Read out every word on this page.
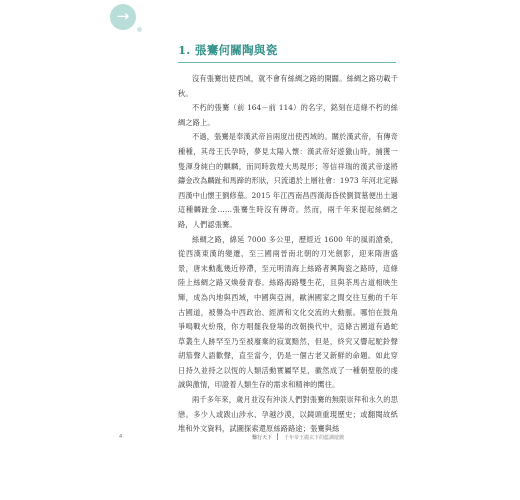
→
1. 張騫何關陶與瓷

沒有張騫出使西域，就不會有絲綢之路的開闢。絲綢之路功載千秋。

不朽的張騫（前 164－前 114）的名字，銘刻在這條不朽的絲綢之路上。

不過，張騫是奉漢武帝旨兩度出使西域的。關於漢武帝，有傳奇種種，其母王氏孕時，夢見太陽入懷：漢武帝好遊獵山時，捕獲一隻渾身純白的麒麟，而同時敦煌大馬現形；等信祥瑞的漢武帝遂將鑄金改為麟趾和馬蹄的形狀，只流通於上層社會：1973 年河北定縣西漢中山懷王劉修墓。2015 年江西南昌西漢海昏侯劉賀墓便出土過這種麟趾金……張騫生時沒有傳奇。然而，兩千年來提起絲綢之路，人們認張騫。

絲綢之路，綿延 7000 多公里，歷經近 1600 年的風雨滄桑，從西漢東漢的變遷，至三國兩晉南北朝的刀光劍影，迎來隋唐盛景，唐末動亂幾近停滯，至元明清海上絲路者興陶瓷之路時，這條陸上絲綢之路又煥發青春。絲路海路雙生花，且與茶馬古道相映生輝，成為內地與西域，中國與亞洲，歐洲國家之間交往互動的千年古國道，被譽為中西政治、經濟和文化交流的大動脈。哪怕在鼓角爭鳴戰火紛飛，你方唱罷我登場的改朝換代中，這條古國道有過蛇草叢生人跡罕至乃至被廢棄的寂寞黯然，但是，終究又響起駝鈴聲胡笳聲人語歡聲，直至當今，仍是一個古老又新鮮的命題。如此穿日持久並持之以恆的人類活動實屬罕見，徽然成了一種朝聖般的虔誠與激情，印證着人類生存的需求和精神的嚮往。

兩千多年來，歲月並沒有沖淡人們對張騫的無限崇拜和永久的思戀。多少人或跋山涉水、孕越沙漠，以鏡頭重現歷史；或翻閱故紙堆和外文資料，試圖探索還原絲路路途；張騫與絲

4	鑿行天下 千年帝王麗玄下的藍調遊戲
